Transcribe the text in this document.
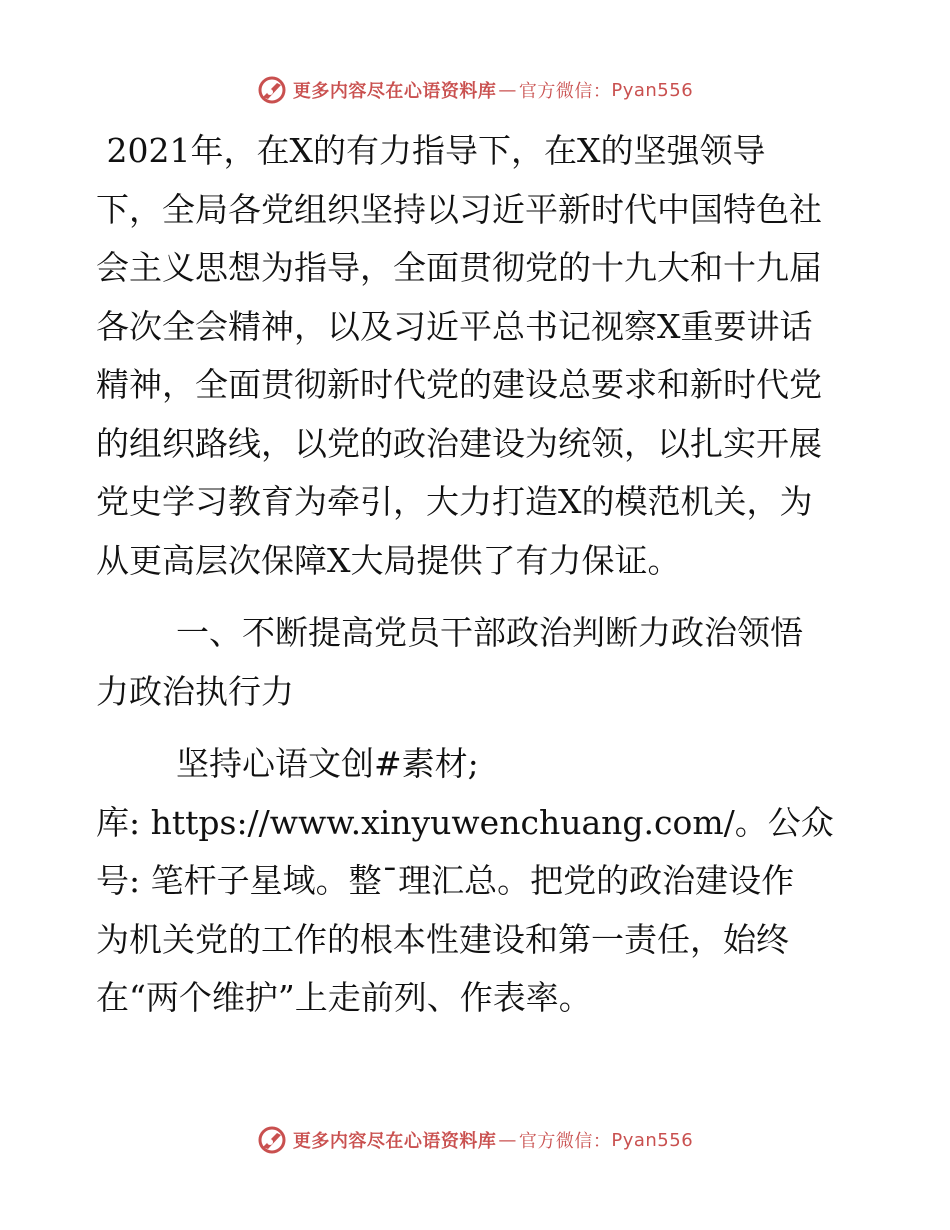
更多内容尽在心语资料库 — 官方微信： Pyan556
2021年，在X的有力指导下，在X的坚强领导
下，全局各党组织坚持以习近平新时代中国特色社
会主义思想为指导，全面贯彻党的十九大和十九届
各次全会精神，以及习近平总书记视察X重要讲话
精神，全面贯彻新时代党的建设总要求和新时代党
的组织路线，以党的政治建设为统领，以扎实开展
党史学习教育为牵引，大力打造X的模范机关，为
从更高层次保障X大局提供了有力保证。
一、不断提高党员干部政治判断力政治领悟
力政治执行力
坚持心语文创#素材;
库: https://www.xinyuwenchuang.com/。公众
号: 笔杆子星域。整¯理汇总。把党的政治建设作
为机关党的工作的根本性建设和第一责任，始终
在“两个维护”上走前列、作表率。
更多内容尽在心语资料库 — 官方微信： Pyan556
